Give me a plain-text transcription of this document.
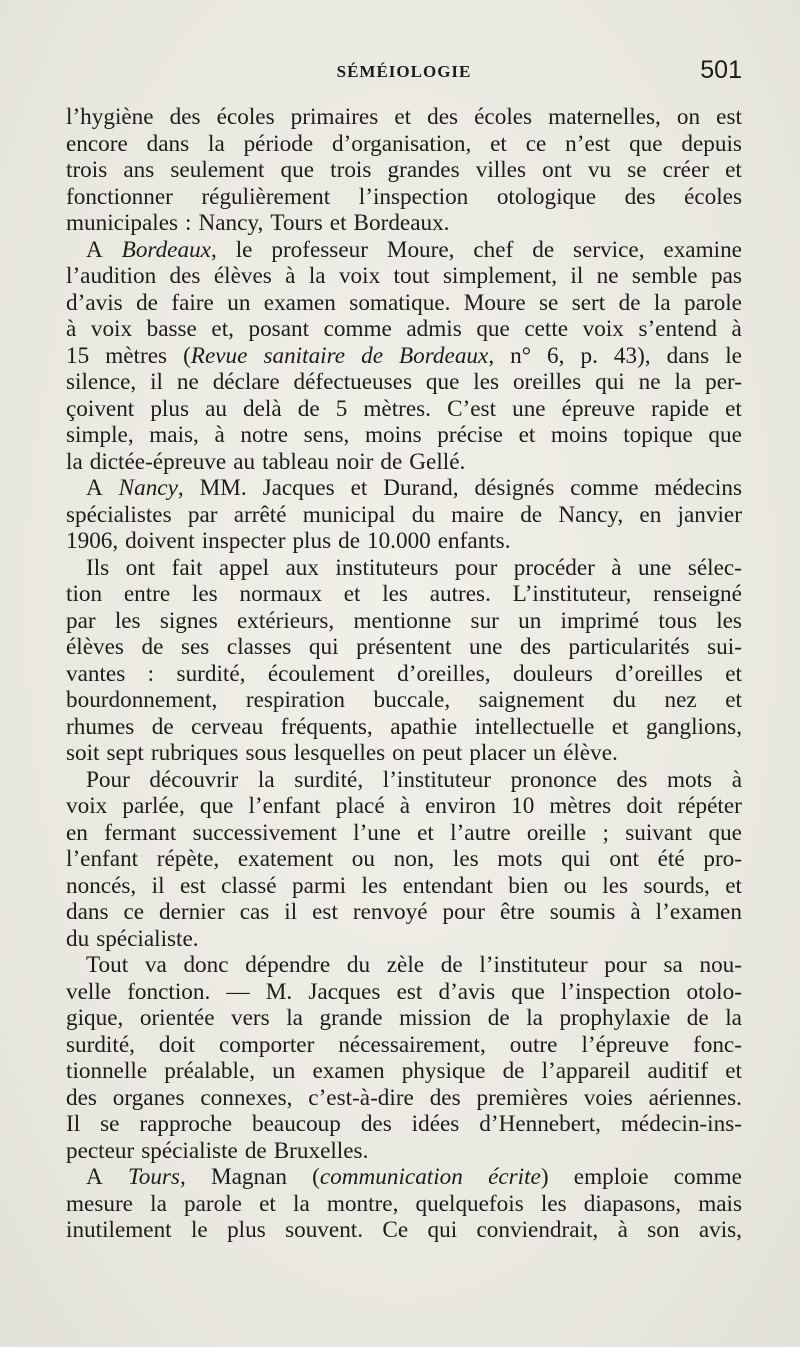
SÉMÉIOLOGIE	501
l’hygiène des écoles primaires et des écoles maternelles, on est
encore dans la période d’organisation, et ce n’est que depuis
trois ans seulement que trois grandes villes ont vu se créer et
fonctionner régulièrement l’inspection otologique des écoles
municipales : Nancy, Tours et Bordeaux.
A Bordeaux, le professeur Moure, chef de service, examine
l’audition des élèves à la voix tout simplement, il ne semble pas
d’avis de faire un examen somatique. Moure se sert de la parole
à voix basse et, posant comme admis que cette voix s’entend à
15 mètres (Revue sanitaire de Bordeaux, n° 6, p. 43), dans le
silence, il ne déclare défectueuses que les oreilles qui ne la per-
çoivent plus au delà de 5 mètres. C’est une épreuve rapide et
simple, mais, à notre sens, moins précise et moins topique que
la dictée-épreuve au tableau noir de Gellé.
A Nancy, MM. Jacques et Durand, désignés comme médecins
spécialistes par arrêté municipal du maire de Nancy, en janvier
1906, doivent inspecter plus de 10.000 enfants.
Ils ont fait appel aux instituteurs pour procéder à une sélec-
tion entre les normaux et les autres. L’instituteur, renseigné
par les signes extérieurs, mentionne sur un imprimé tous les
élèves de ses classes qui présentent une des particularités sui-
vantes : surdité, écoulement d’oreilles, douleurs d’oreilles et
bourdonnement, respiration buccale, saignement du nez et
rhumes de cerveau fréquents, apathie intellectuelle et ganglions,
soit sept rubriques sous lesquelles on peut placer un élève.
Pour découvrir la surdité, l’instituteur prononce des mots à
voix parlée, que l’enfant placé à environ 10 mètres doit répéter
en fermant successivement l’une et l’autre oreille ; suivant que
l’enfant répète, exatement ou non, les mots qui ont été pro-
noncés, il est classé parmi les entendant bien ou les sourds, et
dans ce dernier cas il est renvoyé pour être soumis à l’examen
du spécialiste.
Tout va donc dépendre du zèle de l’instituteur pour sa nou-
velle fonction. — M. Jacques est d’avis que l’inspection otolo-
gique, orientée vers la grande mission de la prophylaxie de la
surdité, doit comporter nécessairement, outre l’épreuve fonc-
tionnelle préalable, un examen physique de l’appareil auditif et
des organes connexes, c’est-à-dire des premières voies aériennes.
Il se rapproche beaucoup des idées d’Hennebert, médecin-ins-
pecteur spécialiste de Bruxelles.
A Tours, Magnan (communication écrite) emploie comme
mesure la parole et la montre, quelquefois les diapasons, mais
inutilement le plus souvent. Ce qui conviendrait, à son avis,
